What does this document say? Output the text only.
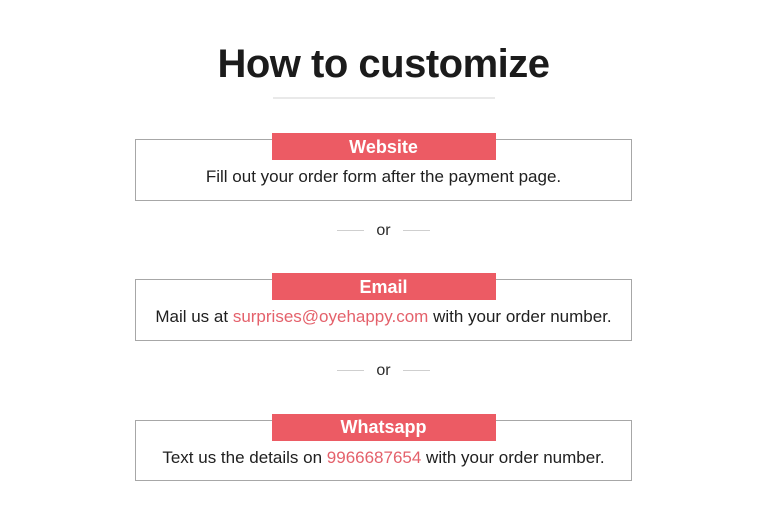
How to customize
Website
Fill out your order form after the payment page.
or
Email
Mail us at surprises@oyehappy.com with your order number.
or
Whatsapp
Text us the details on 9966687654 with your order number.
